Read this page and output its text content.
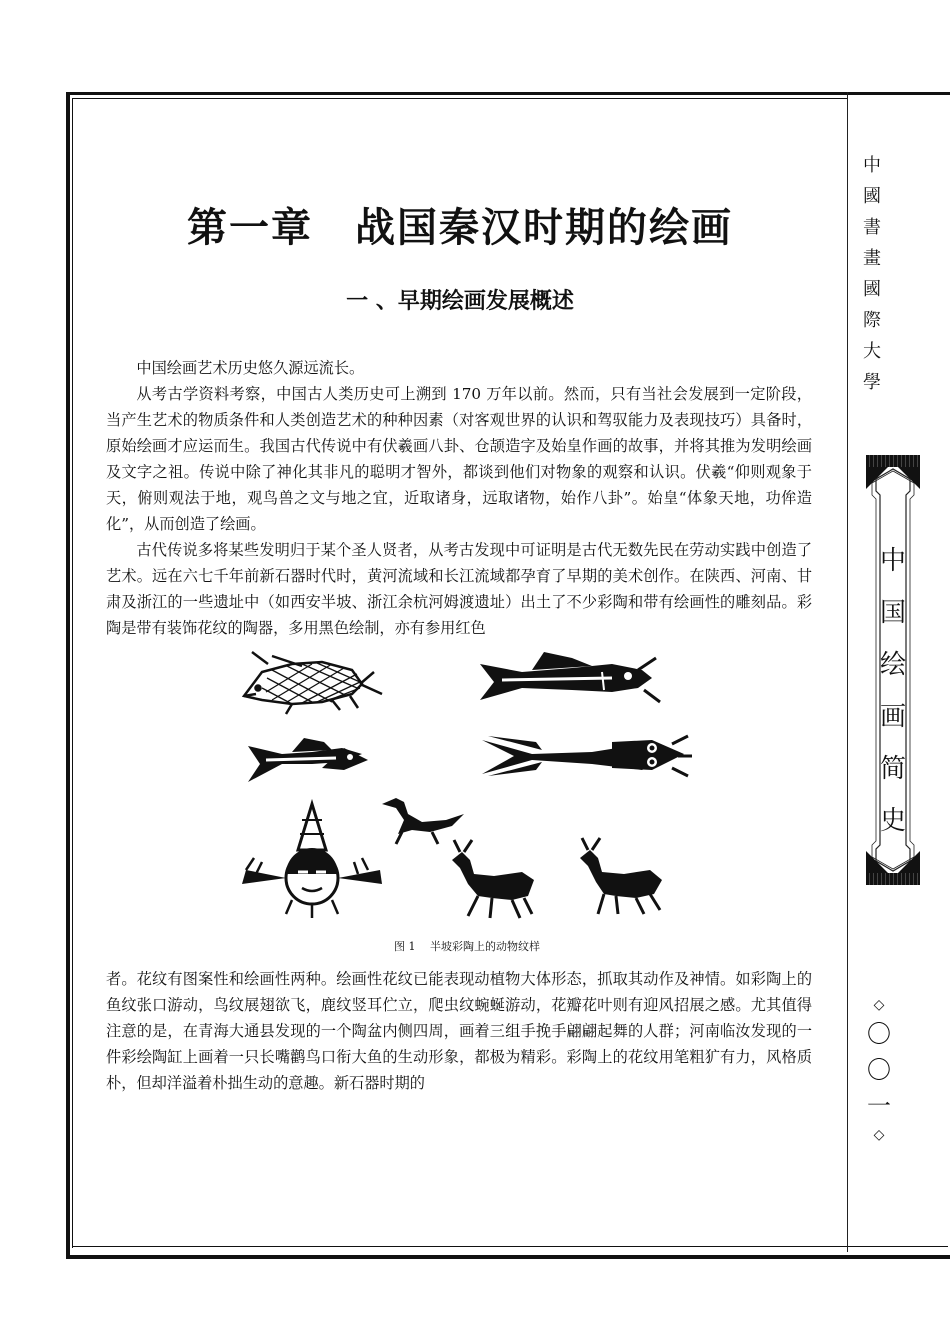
第一章　战国秦汉时期的绘画
一 、早期绘画发展概述

中国绘画艺术历史悠久源远流长。

从考古学资料考察，中国古人类历史可上溯到 170 万年以前。然而，只有当社会发展到一定阶段，当产生艺术的物质条件和人类创造艺术的种种因素（对客观世界的认识和驾驭能力及表现技巧）具备时，原始绘画才应运而生。我国古代传说中有伏羲画八卦、仓颉造字及始皇作画的故事，并将其推为发明绘画及文字之祖。传说中除了神化其非凡的聪明才智外，都谈到他们对物象的观察和认识。伏羲“仰则观象于天，俯则观法于地，观鸟兽之文与地之宜，近取诸身，远取诸物，始作八卦”。始皇“体象天地，功侔造化”，从而创造了绘画。

古代传说多将某些发明归于某个圣人贤者，从考古发现中可证明是古代无数先民在劳动实践中创造了艺术。远在六七千年前新石器时代时，黄河流域和长江流域都孕育了早期的美术创作。在陕西、河南、甘肃及浙江的一些遗址中（如西安半坡、浙江余杭河姆渡遗址）出土了不少彩陶和带有绘画性的雕刻品。彩陶是带有装饰花纹的陶器，多用黑色绘制，亦有参用红色

图 1　 半坡彩陶上的动物纹样

者。花纹有图案性和绘画性两种。绘画性花纹已能表现动植物大体形态，抓取其动作及神情。如彩陶上的鱼纹张口游动，鸟纹展翅欲飞，鹿纹竖耳伫立，爬虫纹蜿蜒游动，花瓣花叶则有迎风招展之感。尤其值得注意的是，在青海大通县发现的一个陶盆内侧四周，画着三组手挽手翩翩起舞的人群；河南临汝发现的一件彩绘陶缸上画着一只长嘴鹳鸟口衔大鱼的生动形象，都极为精彩。彩陶上的花纹用笔粗犷有力，风格质朴，但却洋溢着朴拙生动的意趣。新石器时期的

中
國
書
畫
國
際
大
學
中
国
绘
画
简
史
◇
〇
〇
一
◇
